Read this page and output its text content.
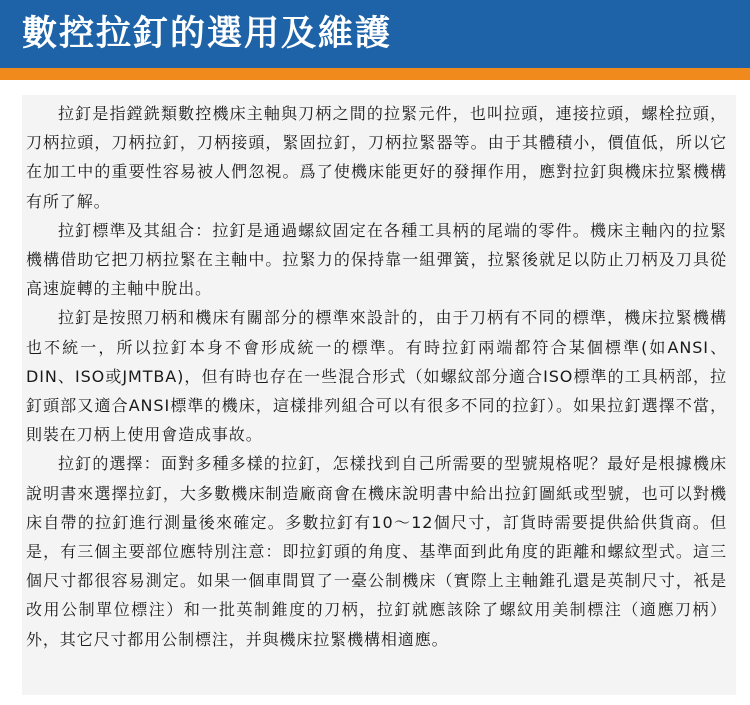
數控拉釘的選用及維護

拉釘是指鏜銑類數控機床主軸與刀柄之間的拉緊元件，也叫拉頭，連接拉頭，螺栓拉頭，刀柄拉頭，刀柄拉釘，刀柄接頭，緊固拉釘，刀柄拉緊器等。由于其體積小，價值低，所以它在加工中的重要性容易被人們忽視。爲了使機床能更好的發揮作用，應對拉釘與機床拉緊機構有所了解。

拉釘標準及其組合：拉釘是通過螺紋固定在各種工具柄的尾端的零件。機床主軸內的拉緊機構借助它把刀柄拉緊在主軸中。拉緊力的保持靠一組彈簧，拉緊後就足以防止刀柄及刀具從高速旋轉的主軸中脫出。

拉釘是按照刀柄和機床有關部分的標準來設計的，由于刀柄有不同的標準，機床拉緊機構也不統一，所以拉釘本身不會形成統一的標準。有時拉釘兩端都符合某個標準(如ANSI、DIN、ISO或JMTBA)，但有時也存在一些混合形式（如螺紋部分適合ISO標準的工具柄部，拉釘頭部又適合ANSI標準的機床，這樣排列組合可以有很多不同的拉釘）。如果拉釘選擇不當，則裝在刀柄上使用會造成事故。

拉釘的選擇：面對多種多樣的拉釘，怎樣找到自己所需要的型號規格呢？最好是根據機床說明書來選擇拉釘，大多數機床制造廠商會在機床說明書中給出拉釘圖紙或型號，也可以對機床自帶的拉釘進行測量後來確定。多數拉釘有10～12個尺寸，訂貨時需要提供給供貨商。但是，有三個主要部位應特別注意：即拉釘頭的角度、基準面到此角度的距離和螺紋型式。這三個尺寸都很容易測定。如果一個車間買了一臺公制機床（實際上主軸錐孔還是英制尺寸，衹是改用公制單位標注）和一批英制錐度的刀柄，拉釘就應該除了螺紋用美制標注（適應刀柄）外，其它尺寸都用公制標注，并與機床拉緊機構相適應。
